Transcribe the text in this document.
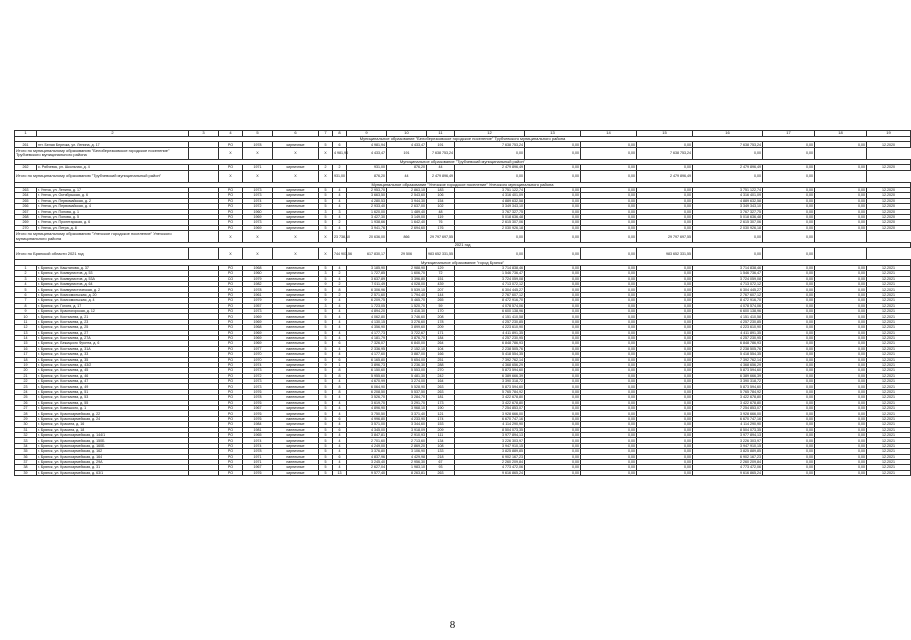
1	2	3	4	5	6	7	8	9	10	11	12	13	14	15	16	17	18	19
Муниципальное образование "Белоберезковское городское поселение" Трубчевского муниципального района																		
261	пгт. Белая Березка, ул. Ленина, д. 17		PO	1978	кирпичные	5	6	4 981,94	4 433,47	191	7 638 753,24	0,00	0,00	0,00	7 638 753,24	0,00	0,00	12.2020
Итого по муниципальному образованию "Белоберезковское городское поселение" Трубчевского муниципального района			X	X	X	X	4 981,94	4 433,47	191	7 638 753,24	0,00	0,00	0,00	7 638 753,24	0,00	0,00		
Муниципальное образование "Трубчевский муниципальный район"																		
262	с. Рябчевск, ул. Школьная, д. 4		PO	1971	кирпичные	2	2	931,00	876,20	44	2 479 896,49	0,00	0,00	0,00	2 479 896,49	0,00	0,00	12.2020
Итого по муниципальному образованию "Трубчевский муниципальный район"			X	X	X	X	931,00	876,20	44	2 479 896,49	0,00	0,00	0,00	2 479 896,49	0,00	0,00		
Муниципальное образование "Унечское городское поселение" Унечского муниципального района																		
263	г. Унеча, ул. Ленина, д. 17		PO	1973	кирпичные	5	4	2 953,70	2 863,10	183	3 751 122,74	0,00	0,00	0,00	3 751 122,74	0,00	0,00	12.2020
264	г. Унеча, ул. Октябрьская, д. 6		PO	1973	кирпичные	5	4	3 663,50	2 543,60	106	4 316 401,09	0,00	0,00	0,00	4 316 401,09	0,00	0,00	12.2020
265	г. Унеча, ул. Первомайская, д. 2		PO	1974	кирпичные	5	4	4 280,53	3 944,30	154	4 889 632,58	0,00	0,00	0,00	4 889 632,58	0,00	0,00	12.2020
266	г. Унеча, ул. Первомайская, д. 4		PO	1972	панельные	5	4	2 933,40	2 637,00	102	3 349 343,10	0,00	0,00	0,00	3 349 343,10	0,00	0,00	12.2020
267	г. Унеча, ул. Попова, д. 1		PO	1960	кирпичные	3	3	1 620,00	1 489,40	48	3 767 327,75	0,00	0,00	0,00	3 767 327,75	0,00	0,00	12.2020
268	г. Унеча, ул. Попова, д. 5		PO	1969	кирпичные	5	4	3 427,30	3 149,00	119	5 018 636,48	0,00	0,00	0,00	5 018 636,48	0,00	0,00	12.2020
269	г. Унеча, ул. Пролетарская, д. 6		PO	1973	кирпичные	5	2	1 938,66	1 642,40	76	2 615 307,06	0,00	0,00	0,00	2 615 307,06	0,00	0,00	12.2020
270	г. Унеча, ул. Петра, д. 8		PO	1969	кирпичные	5	4	3 941,76	2 694,60	176	2 030 926,18	0,00	0,00	0,00	2 030 926,18	0,00	0,00	12.2020
Итого по муниципальному образованию "Унечское городское поселение" Унечского муниципального района			X	X	X	X	23 738,10	20 636,00	866	29 797 697,55	0,00	0,00	0,00	29 797 697,55	0,00	0,00		
2021 год																		
Итого по Брянской области 2021 год			X	X	X	X	744 903,56	617 830,17	29 506	983 652 331,55	0,00	0,00	0,00	983 652 331,55	0,00	0,00		
Муниципальное образование "город Брянск"																		
1	г. Брянск, ул. Каштанова, д. 37		PO	1968	панельные	5	4	3 185,90	2 988,90	129	3 714 838,46	0,00	0,00	0,00	3 714 838,46	0,00	0,00	12.2021
2	г. Брянск, ул. Коммунистов, д. 53		PO	1960	кирпичные	3	2	1 727,85	1 606,70	72	1 546 736,47	0,00	0,00	0,00	1 546 736,47	0,00	0,00	12.2021
3	г. Брянск, ул. Коммунистов, д. 53А		СО	1979	панельные	5	4	3 637,89	3 396,80	151	3 724 059,08	0,00	0,00	0,00	3 724 059,08	0,00	0,00	12.2021
4	г. Брянск, ул. Коммунистов, д. 64		PO	1982	кирпичные	9	2	7 011,49	4 028,00	439	4 713 072,12	0,00	0,00	0,00	4 713 072,12	0,00	0,00	12.2021
5	г. Брянск, ул. Коммунистическая, д. 2		PO	1978	панельные	5	8	6 306,96	5 539,10	207	6 304 445,27	0,00	0,00	0,00	6 304 445,27	0,00	0,00	12.2021
6	г. Брянск, ул. Комсомольская, д. 20		PO	1961	кирпичные	5	2	2 571,60	1 794,40	144	2 767 607,12	0,00	0,00	0,00	2 767 607,12	0,00	0,00	12.2021
7	г. Брянск, ул. Комсомольская, д. 4		PO	1979	панельные	9	4	6 209,75	5 465,70	265	8 472 916,70	0,00	0,00	0,00	8 472 916,70	0,00	0,00	12.2021
8	г. Брянск, ул. Гоголя, д. 17		PO	1957	кирпичные	3	4	1 723,05	1 520,70	59	4 078 574,06	0,00	0,00	0,00	4 078 574,06	0,00	0,00	12.2021
9	г. Брянск, ул. Красногорская, д. 12		PO	1973	панельные	5	4	4 894,20	3 416,30	170	6 600 138,96	0,00	0,00	0,00	6 600 138,96	0,00	0,00	12.2021
10	г. Брянск, ул. Костычева, д. 21		PO	1969	панельные	5	4	4 062,80	3 746,60	208	4 151 410,58	0,00	0,00	0,00	4 151 410,58	0,00	0,00	12.2021
11	г. Брянск, ул. Костычева, д. 23		PO	1969	панельные	5	4	4 130,15	3 276,60	178	4 257 230,85	0,00	0,00	0,00	4 257 230,85	0,00	0,00	12.2021
12	г. Брянск, ул. Костычева, д. 25		PO	1968	панельные	5	4	4 356,90	3 899,60	209	4 223 610,90	0,00	0,00	0,00	4 223 610,90	0,00	0,00	12.2021
13	г. Брянск, ул. Костычева, д. 27		PO	1969	панельные	5	4	4 177,73	3 722,67	171	4 411 891,35	0,00	0,00	0,00	4 411 891,35	0,00	0,00	12.2021
14	г. Брянск, ул. Костычева, д. 27А		PO	1969	панельные	5	4	4 181,79	3 876,70	184	4 257 230,95	0,00	0,00	0,00	4 257 230,95	0,00	0,00	12.2021
15	г. Брянск, ул. Бежицкого Фронта, д. 6		PO	1969	панельные	5	6	7 326,07	6 840,00	264	6 848 786,93	0,00	0,00	0,00	6 848 786,93	0,00	0,00	12.2021
16	г. Брянск, ул. Костычева, д. 31А		PO	1977	панельные	5	4	2 336,95	2 152,10	104	2 238 505,76	0,00	0,00	0,00	2 238 505,76	0,00	0,00	12.2021
17	г. Брянск, ул. Костычева, д. 33		PO	1970	панельные	5	4	4 177,60	3 887,00	166	5 418 554,35	0,00	0,00	0,00	5 418 554,35	0,00	0,00	12.2021
18	г. Брянск, ул. Костычева, д. 35		PO	1970	панельные	5	6	6 165,80	5 654,00	251	7 392 762,14	0,00	0,00	0,00	7 392 762,14	0,00	0,00	12.2021
19	г. Брянск, ул. Костычева, д. 43/2		PO	1974	кирпичные	9	1	3 896,73	3 236,30	288	4 368 656,29	0,00	0,00	0,00	4 368 656,29	0,00	0,00	12.2021
20	г. Брянск, ул. Костычева, д. 45		PO	1973	панельные	5	8	6 150,60	5 553,00	270	5 873 594,60	0,00	0,00	0,00	5 873 594,60	0,00	0,00	12.2021
21	г. Брянск, ул. Костычева, д. 46		PO	1972	панельные	5	8	5 955,60	5 481,30	242	6 389 666,39	0,00	0,00	0,00	6 389 666,39	0,00	0,00	12.2021
22	г. Брянск, ул. Костычева, д. 47		PO	1973	панельные	5	4	4 670,99	3 274,00	164	3 390 318,72	0,00	0,00	0,00	3 390 318,72	0,00	0,00	12.2021
23	г. Брянск, ул. Костычева, д. 49		PO	1973	панельные	5	8	6 064,90	5 528,90	263	5 873 594,60	0,00	0,00	0,00	5 873 594,60	0,00	0,00	12.2021
24	г. Брянск, ул. Костычева, д. 51		PO	1976	панельные	5	8	6 208,50	5 537,50	263	5 765 784,92	0,00	0,00	0,00	5 765 784,92	0,00	0,00	12.2021
25	г. Брянск, ул. Костычева, д. 53		PO	1978	панельные	5	4	3 526,70	3 284,70	181	3 422 678,80	0,00	0,00	0,00	3 422 678,80	0,00	0,00	12.2021
26	г. Брянск, ул. Костычева, д. 55		PO	1976	панельные	5	4	3 619,70	3 291,70	173	3 422 678,80	0,00	0,00	0,00	3 422 678,80	0,00	0,00	12.2021
27	г. Брянск, ул. Ковешкого, д. 1		PO	1967	кирпичные	5	4	4 896,90	3 968,10	190	7 254 853,07	0,00	0,00	0,00	7 254 853,07	0,00	0,00	12.2021
28	г. Брянск, ул. Красноармейская, д. 22		PO	1976	кирпичные	5	4	3 750,50	3 371,40	121	3 928 666,00	0,00	0,00	0,00	3 928 666,00	0,00	0,00	12.2021
29	г. Брянск, ул. Красноармейская, д. 24		PO	1976	панельные	5	6	4 996,80	4 233,90	174	6 670 747,16	0,00	0,00	0,00	6 670 747,16	0,00	0,00	12.2021
30	г. Брянск, ул. Красина, д. 16		PO	1984	кирпичные	5	4	3 571,00	3 344,60	153	4 114 290,90	0,00	0,00	0,00	4 114 290,90	0,00	0,00	12.2021
31	г. Брянск, ул. Красина, д. 18		PO	1981	панельные	5	6	4 345,00	3 918,09	209	8 504 073,35	0,00	0,00	0,00	8 504 073,35	0,00	0,00	12.2021
32	г. Брянск, ул. Красноармейская, д. 144/1		PO	1965	кирпичные	5	4	3 847,81	2 910,93	111	3 977 894,13	0,00	0,00	0,00	3 977 894,13	0,00	0,00	12.2021
33	г. Брянск, ул. Красноармейская, д. 150Б		PO	1974	кирпичные	5	4	2 701,60	2 713,60	134	3 226 303,97	0,00	0,00	0,00	3 226 303,97	0,00	0,00	12.2021
34	г. Брянск, ул. Красноармейская, д. 160Б		PO	1974	кирпичные	5	4	4 249,00	2 869,20	108	3 947 910,15	0,00	0,00	0,00	3 947 910,15	0,00	0,00	12.2021
35	г. Брянск, ул. Красноармейская, д. 162		PO	1978	кирпичные	5	4	3 376,80	3 106,90	133	3 825 889,85	0,00	0,00	0,00	3 825 889,85	0,00	0,00	12.2021
36	г. Брянск, ул. Красноармейская, д. 164		PO	1971	панельные	5	6	4 837,96	4 429,98	218	6 902 167,23	0,00	0,00	0,00	6 902 167,23	0,00	0,00	12.2021
37	г. Брянск, ул. Красноармейская, д. 29А		PO	1971	панельные	5	4	3 245,40	2 956,30	67	2 260 209,84	0,00	0,00	0,00	2 260 209,84	0,00	0,00	12.2021
38	г. Брянск, ул. Красноармейская, д. 31		PO	1967	кирпичные	5	4	2 627,04	1 983,10	93	4 773 472,06	0,00	0,00	0,00	4 773 472,06	0,00	0,00	12.2021
39	г. Брянск, ул. Красноармейская, д. 63/1		PO	1976	кирпичные	5	13	9 577,40	8 263,81	263	9 616 865,24	0,00	0,00	0,00	9 616 865,24	0,00	0,00	12.2021
8
